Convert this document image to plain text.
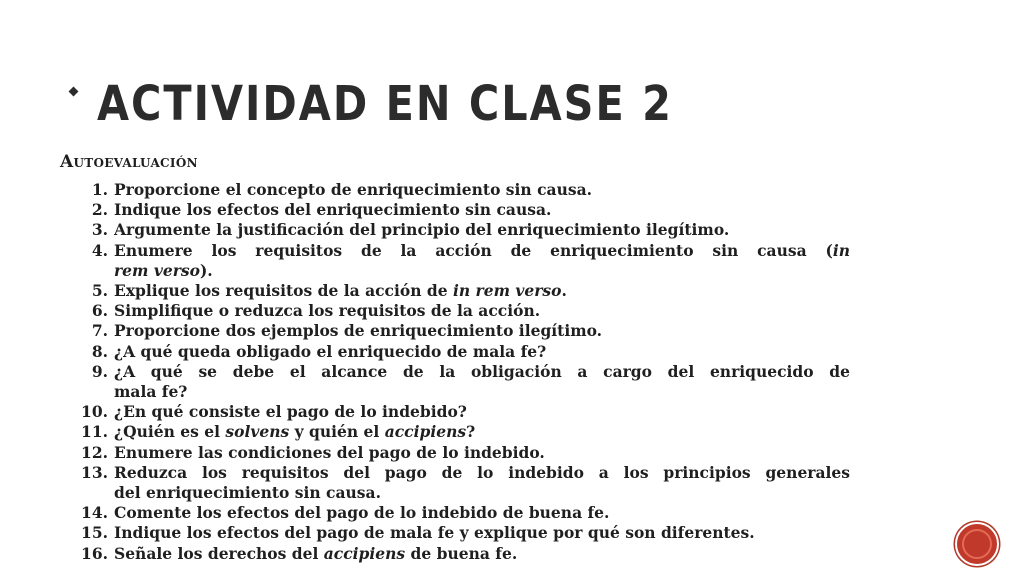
ACTIVIDAD EN CLASE 2
Autoevaluación
1. Proporcione el concepto de enriquecimiento sin causa.
2. Indique los efectos del enriquecimiento sin causa.
3. Argumente la justificación del principio del enriquecimiento ilegítimo.
4. Enumere los requisitos de la acción de enriquecimiento sin causa (in
rem verso).
5. Explique los requisitos de la acción de in rem verso.
6. Simplifique o reduzca los requisitos de la acción.
7. Proporcione dos ejemplos de enriquecimiento ilegítimo.
8. ¿A qué queda obligado el enriquecido de mala fe?
9. ¿A qué se debe el alcance de la obligación a cargo del enriquecido de
mala fe?
10. ¿En qué consiste el pago de lo indebido?
11. ¿Quién es el solvens y quién el accipiens?
12. Enumere las condiciones del pago de lo indebido.
13. Reduzca los requisitos del pago de lo indebido a los principios generales
del enriquecimiento sin causa.
14. Comente los efectos del pago de lo indebido de buena fe.
15. Indique los efectos del pago de mala fe y explique por qué son diferentes.
16. Señale los derechos del accipiens de buena fe.
